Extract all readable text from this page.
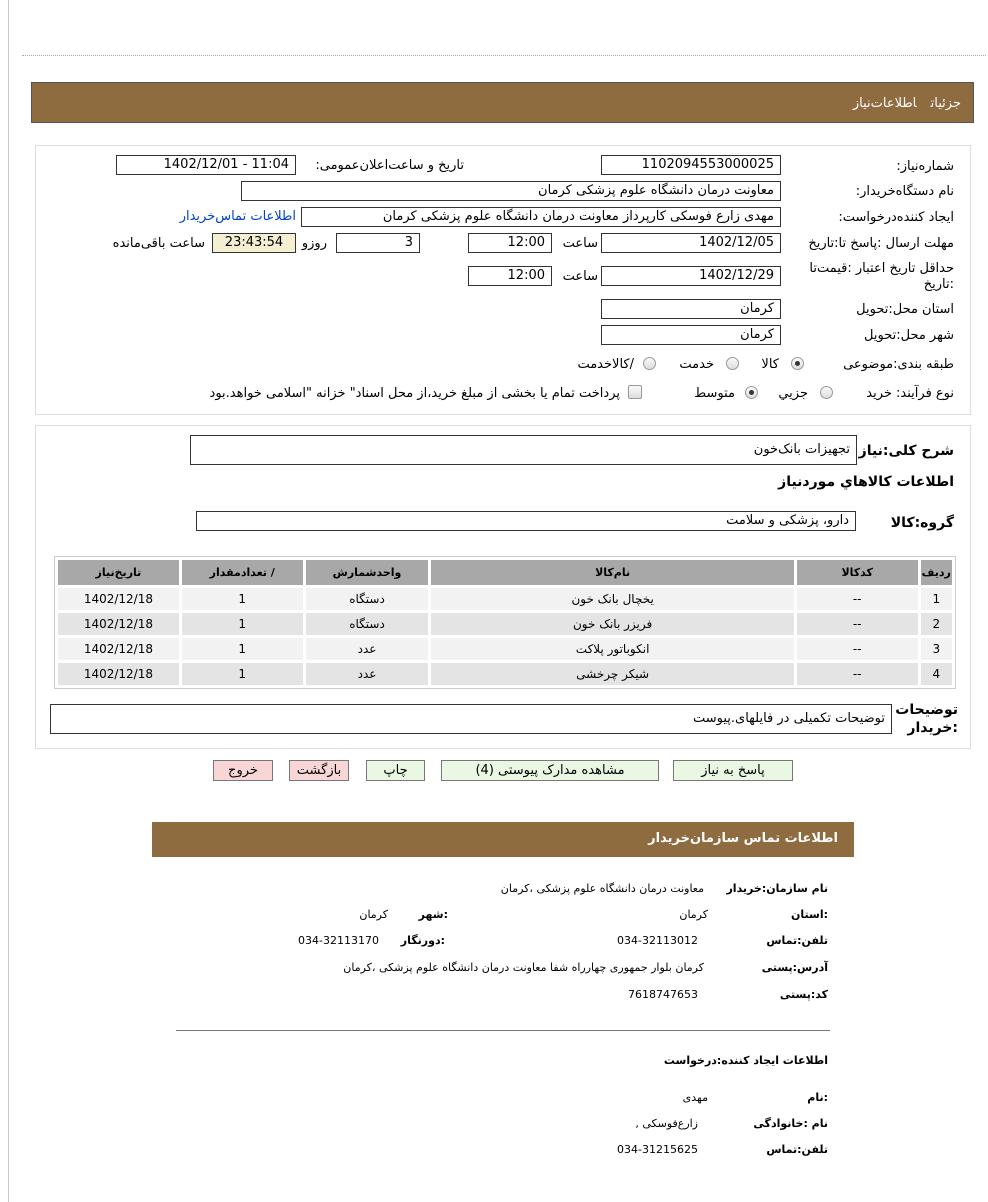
جزئیاتاطلاعات‌نیاز
شماره‌نیاز:
1102094553000025
تاریخ و ساعت‌اعلان‌عمومی:
1402/12/01 - 11:04
نام دستگاه‌خریدار:
معاونت درمان دانشگاه علوم پزشکی کرمان
ایجاد کننده‌درخواست:
مهدی زارع فوسکی کارپرداز معاونت درمان دانشگاه علوم پزشکی کرمان
اطلاعات تماس‌خریدار
مهلت ارسال :پاسخ تا:تاریخ
1402/12/05
ساعت
12:00
3
روزو
23:43:54
ساعت باقی‌مانده
حداقل تاریخ اعتبار :قیمت‌تا
:تاریخ
1402/12/29
ساعت
12:00
استان محل:تحویل
کرمان
شهر محل:تحویل
کرمان
طبقه بندی:موضوعی
کالا
خدمت
/کالاخدمت
نوع فرآیند: خرید
جزيي
متوسط
پرداخت تمام یا بخشی از مبلغ خرید،از محل اسناد" خزانه "اسلامی خواهد.بود
شرح کلی:نیاز
تجهیزات بانک‌خون
اطلاعات کالاهاي موردنياز
گروه:کالا
دارو، پزشکی و سلامت
ردیف	کدکالا	نام‌کالا	واحدشمارش	/ تعدادمقدار	تاریخ‌نیاز
1	--	یخچال بانک خون	دستگاه	1	1402/12/18
2	--	فریزر بانک خون	دستگاه	1	1402/12/18
3	--	انکوباتور پلاکت	عدد	1	1402/12/18
4	--	شیکر چرخشی	عدد	1	1402/12/18
توضیحات
:خریدار
توضیحات تکمیلی در فایلهای.پیوست
پاسخ به نیاز
مشاهده مدارک پیوستی (4)
چاپ
بازگشت
خروج
اطلاعات تماس سازمان‌خریدار
نام سازمان:خریدار
معاونت درمان دانشگاه علوم پزشکی ،کرمان
:استان
کرمان
:شهر
کرمان
تلفن:تماس
034-32113012
:دورنگار
034-32113170
آدرس:پستی
کرمان بلوار جمهوری چهارراه شفا معاونت درمان دانشگاه علوم پزشکی ،کرمان
کد:پستی
7618747653
اطلاعات ایجاد کننده:درخواست
:نام
مهدی
نام :خانوادگی
زارع‌فوسکی ,
تلفن:تماس
034-31215625
